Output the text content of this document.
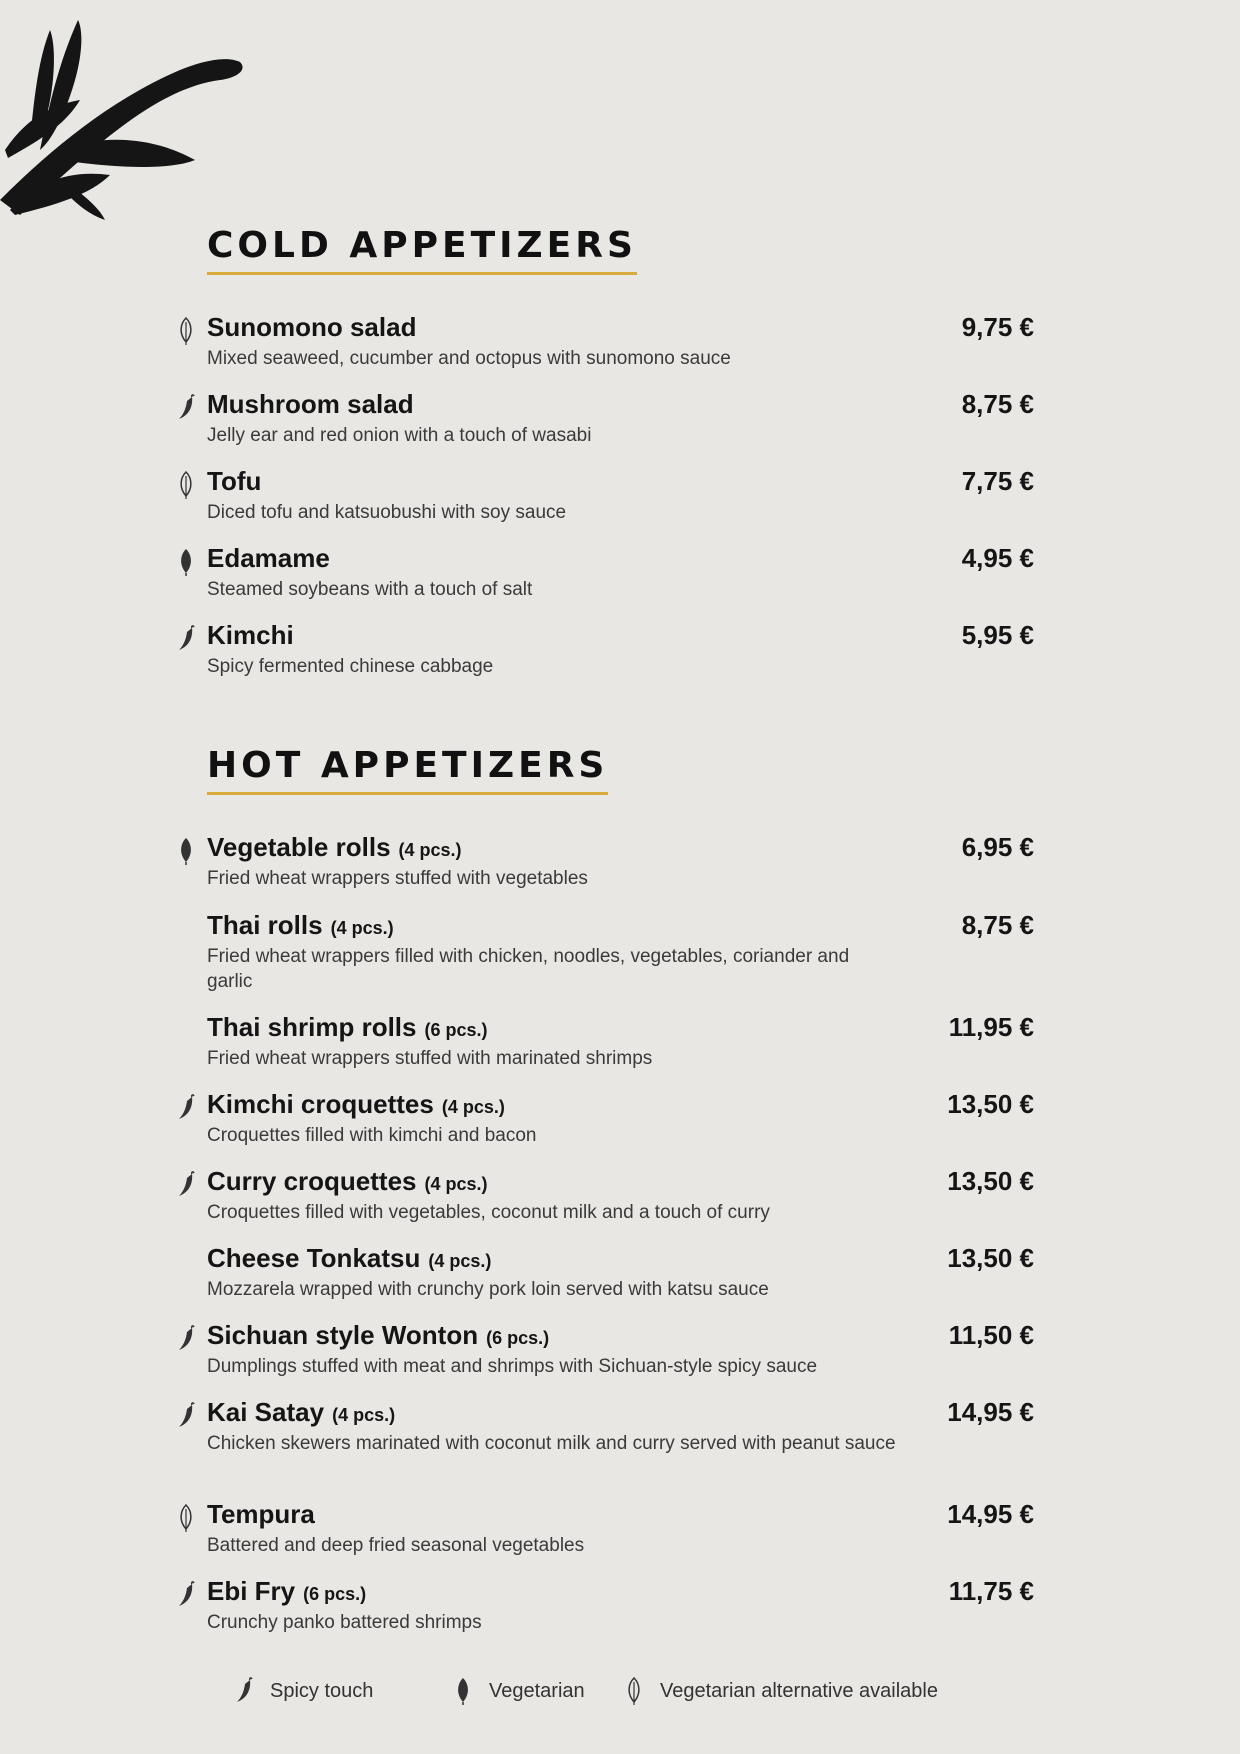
COLD APPETIZERS
Sunomono salad
Mixed seaweed, cucumber and octopus with sunomono sauce
9,75 €
Mushroom salad
Jelly ear and red onion with a touch of wasabi
8,75 €
Tofu
Diced tofu and katsuobushi with soy sauce
7,75 €
Edamame
Steamed soybeans with a touch of salt
4,95 €
Kimchi
Spicy fermented chinese cabbage
5,95 €
HOT APPETIZERS
Vegetable rolls (4 pcs.)
Fried wheat wrappers stuffed with vegetables
6,95 €
Thai rolls (4 pcs.)
Fried wheat wrappers filled with chicken, noodles, vegetables, coriander and garlic
8,75 €
Thai shrimp rolls (6 pcs.)
Fried wheat wrappers stuffed with marinated shrimps
11,95 €
Kimchi croquettes (4 pcs.)
Croquettes filled with kimchi and bacon
13,50 €
Curry croquettes (4 pcs.)
Croquettes filled with vegetables, coconut milk and a touch of curry
13,50 €
Cheese Tonkatsu (4 pcs.)
Mozzarela wrapped with crunchy pork loin served with katsu sauce
13,50 €
Sichuan style Wonton (6 pcs.)
Dumplings stuffed with meat and shrimps with Sichuan-style spicy sauce
11,50 €
Kai Satay (4 pcs.)
Chicken skewers marinated with coconut milk and curry served with peanut sauce
14,95 €
Tempura
Battered and deep fried seasonal vegetables
14,95 €
Ebi Fry (6 pcs.)
Crunchy panko battered shrimps
11,75 €
Spicy touch	Vegetarian	Vegetarian alternative available
